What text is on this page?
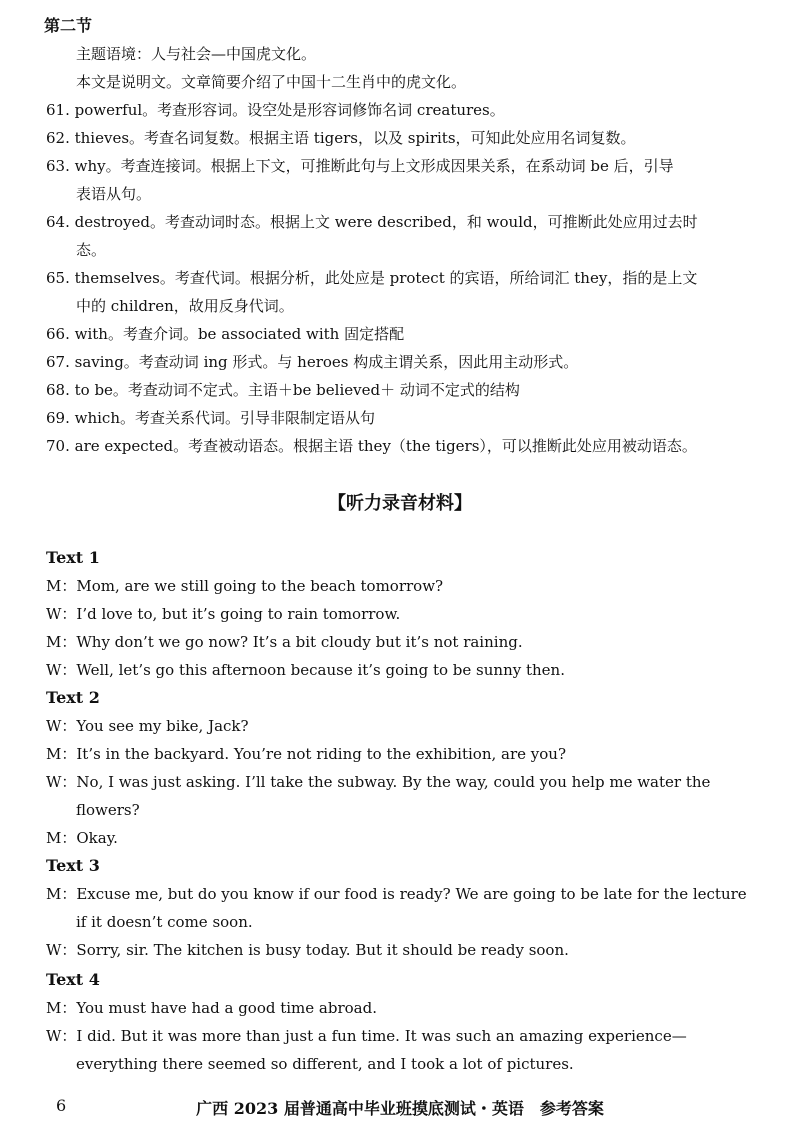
第二节
主题语境：人与社会—中国虎文化。
本文是说明文。文章简要介绍了中国十二生肖中的虎文化。
61. powerful。考查形容词。设空处是形容词修饰名词 creatures。
62. thieves。考查名词复数。根据主语 tigers，以及 spirits，可知此处应用名词复数。
63. why。考查连接词。根据上下文，可推断此句与上文形成因果关系，在系动词 be 后，引导
表语从句。
64. destroyed。考查动词时态。根据上文 were described，和 would，可推断此处应用过去时
态。
65. themselves。考查代词。根据分析，此处应是 protect 的宾语，所给词汇 they，指的是上文
中的 children，故用反身代词。
66. with。考查介词。be associated with 固定搭配
67. saving。考查动词 ing 形式。与 heroes 构成主谓关系，因此用主动形式。
68. to be。考查动词不定式。主语＋be believed＋ 动词不定式的结构
69. which。考查关系代词。引导非限制定语从句
70. are expected。考查被动语态。根据主语 they（the tigers），可以推断此处应用被动语态。
【听力录音材料】
Text 1
M：Mom, are we still going to the beach tomorrow?
W：I’d love to, but it’s going to rain tomorrow.
M：Why don’t we go now? It’s a bit cloudy but it’s not raining.
W：Well, let’s go this afternoon because it’s going to be sunny then.
Text 2
W：You see my bike, Jack?
M：It’s in the backyard. You’re not riding to the exhibition, are you?
W：No, I was just asking. I’ll take the subway. By the way, could you help me water the
flowers?
M：Okay.
Text 3
M：Excuse me, but do you know if our food is ready? We are going to be late for the lecture
if it doesn’t come soon.
W：Sorry, sir. The kitchen is busy today. But it should be ready soon.
Text 4
M：You must have had a good time abroad.
W：I did. But it was more than just a fun time. It was such an amazing experience—
everything there seemed so different, and I took a lot of pictures.
6	广西 2023 届普通高中毕业班摸底测试・英语　参考答案
